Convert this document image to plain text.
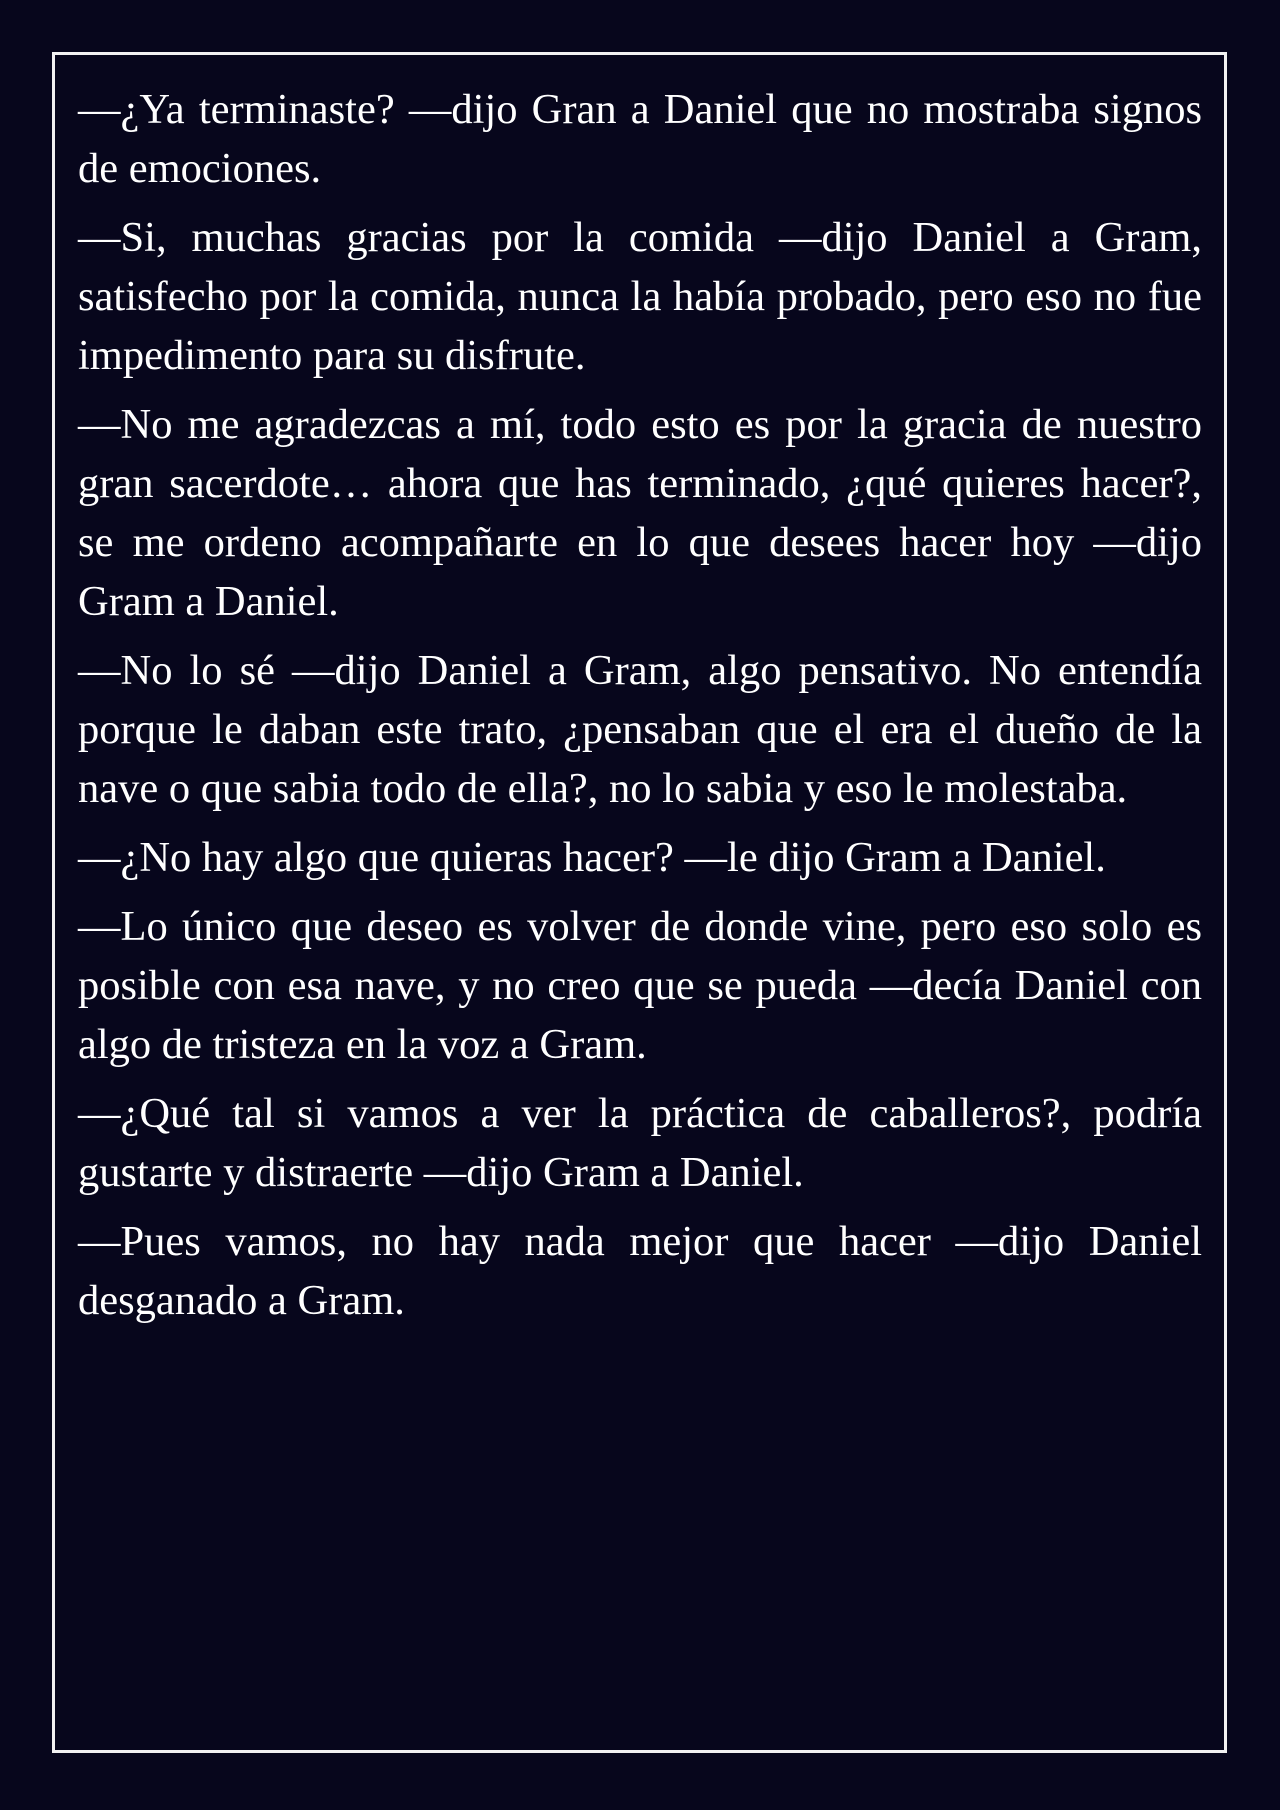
—¿Ya terminaste? —dijo Gran a Daniel que no mostraba signos de emociones.

—Si, muchas gracias por la comida —dijo Daniel a Gram, satisfecho por la comida, nunca la había probado, pero eso no fue impedimento para su disfrute.

—No me agradezcas a mí, todo esto es por la gracia de nuestro gran sacerdote… ahora que has terminado, ¿qué quieres hacer?, se me ordeno acompañarte en lo que desees hacer hoy —dijo Gram a Daniel.

—No lo sé —dijo Daniel a Gram, algo pensativo. No entendía porque le daban este trato, ¿pensaban que el era el dueño de la nave o que sabia todo de ella?, no lo sabia y eso le molestaba.

—¿No hay algo que quieras hacer? —le dijo Gram a Daniel.

—Lo único que deseo es volver de donde vine, pero eso solo es posible con esa nave, y no creo que se pueda —decía Daniel con algo de tristeza en la voz a Gram.

—¿Qué tal si vamos a ver la práctica de caballeros?, podría gustarte y distraerte —dijo Gram a Daniel.

—Pues vamos, no hay nada mejor que hacer —dijo Daniel desganado a Gram.
